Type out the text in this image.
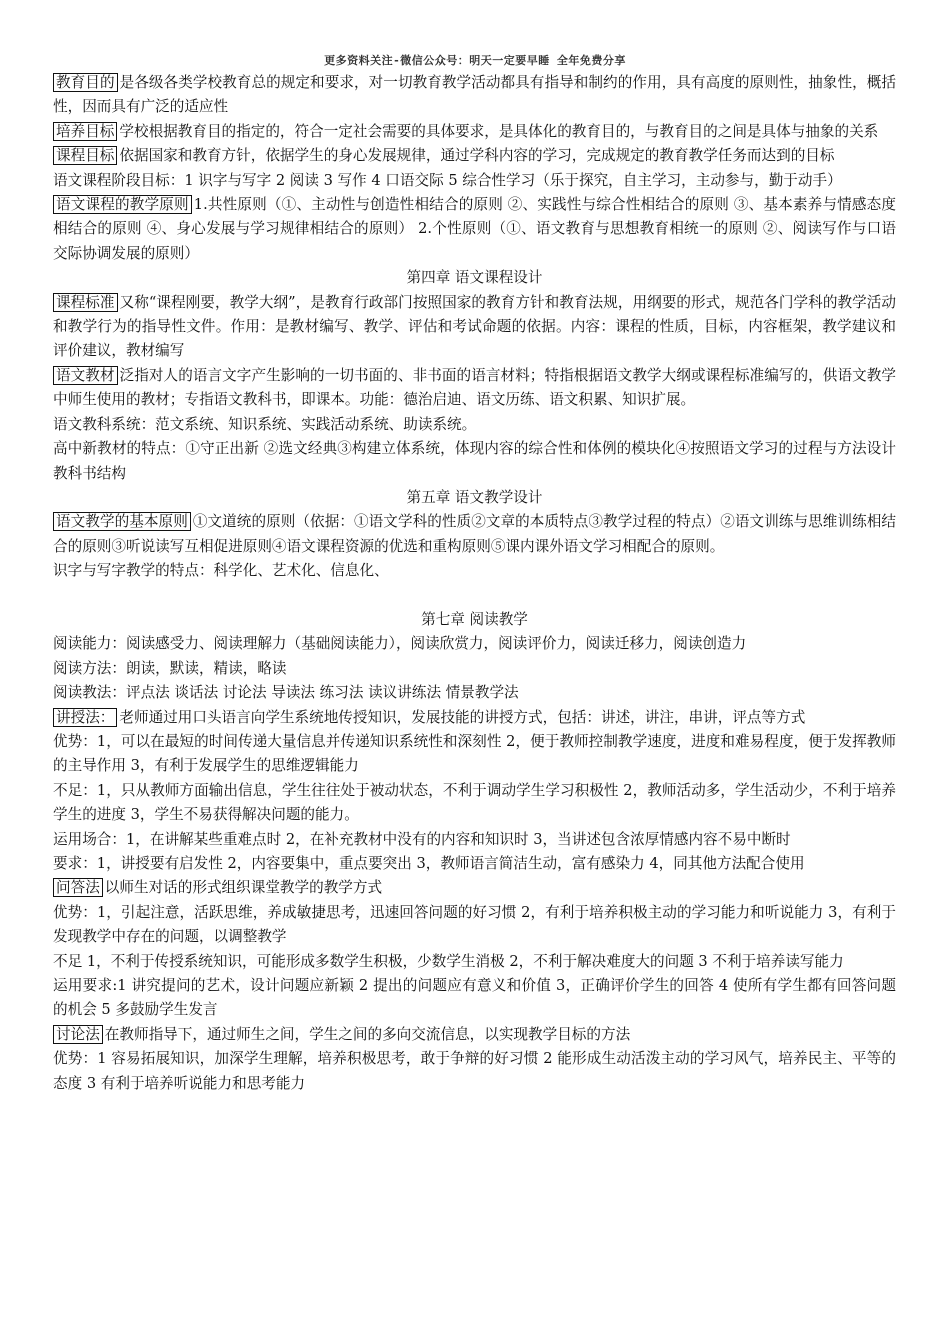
更多资料关注-微信公众号：明天一定要早睡 全年免费分享

教育目的 是各级各类学校教育总的规定和要求，对一切教育教学活动都具有指导和制约的作用，具有高度的原则性，抽象性，概括性，因而具有广泛的适应性

培养目标 学校根据教育目的指定的，符合一定社会需要的具体要求，是具体化的教育目的，与教育目的之间是具体与抽象的关系

课程目标 依据国家和教育方针，依据学生的身心发展规律，通过学科内容的学习，完成规定的教育教学任务而达到的目标

语文课程阶段目标：1 识字与写字 2 阅读 3 写作 4 口语交际 5 综合性学习（乐于探究，自主学习，主动参与，勤于动手）

语文课程的教学原则 1.共性原则（①、主动性与创造性相结合的原则 ②、实践性与综合性相结合的原则 ③、基本素养与情感态度相结合的原则 ④、身心发展与学习规律相结合的原则） 2.个性原则（①、语文教育与思想教育相统一的原则 ②、阅读写作与口语交际协调发展的原则）

第四章 语文课程设计

课程标准 又称“课程刚要，教学大纲”，是教育行政部门按照国家的教育方针和教育法规，用纲要的形式，规范各门学科的教学活动和教学行为的指导性文件。作用：是教材编写、教学、评估和考试命题的依据。内容：课程的性质，目标，内容框架，教学建议和评价建议，教材编写

语文教材 泛指对人的语言文字产生影响的一切书面的、非书面的语言材料；特指根据语文教学大纲或课程标准编写的，供语文教学中师生使用的教材；专指语文教科书，即课本。功能：德治启迪、语文历练、语文积累、知识扩展。

语文教科系统：范文系统、知识系统、实践活动系统、助读系统。

高中新教材的特点：①守正出新 ②选文经典③构建立体系统，体现内容的综合性和体例的模块化④按照语文学习的过程与方法设计教科书结构

第五章 语文教学设计

语文教学的基本原则 ①文道统的原则（依据：①语文学科的性质②文章的本质特点③教学过程的特点）②语文训练与思维训练相结合的原则③听说读写互相促进原则④语文课程资源的优选和重构原则⑤课内课外语文学习相配合的原则。

识字与写字教学的特点：科学化、艺术化、信息化、

第七章 阅读教学

阅读能力：阅读感受力、阅读理解力（基础阅读能力），阅读欣赏力，阅读评价力，阅读迁移力，阅读创造力

阅读方法：朗读，默读，精读，略读

阅读教法：评点法 谈话法 讨论法 导读法 练习法 读议讲练法 情景教学法

讲授法： 老师通过用口头语言向学生系统地传授知识，发展技能的讲授方式，包括：讲述，讲注，串讲，评点等方式

优势：1，可以在最短的时间传递大量信息并传递知识系统性和深刻性 2，便于教师控制教学速度，进度和难易程度，便于发挥教师的主导作用 3，有利于发展学生的思维逻辑能力

不足：1，只从教师方面输出信息，学生往往处于被动状态，不利于调动学生学习积极性 2，教师活动多，学生活动少，不利于培养学生的进度 3，学生不易获得解决问题的能力。

运用场合：1，在讲解某些重难点时 2，在补充教材中没有的内容和知识时 3，当讲述包含浓厚情感内容不易中断时

要求：1，讲授要有启发性 2，内容要集中，重点要突出 3，教师语言简洁生动，富有感染力 4，同其他方法配合使用

问答法 以师生对话的形式组织课堂教学的教学方式

优势：1，引起注意，活跃思维，养成敏捷思考，迅速回答问题的好习惯 2，有利于培养积极主动的学习能力和听说能力 3，有利于发现教学中存在的问题，以调整教学

不足 1，不利于传授系统知识，可能形成多数学生积极，少数学生消极 2，不利于解决难度大的问题 3 不利于培养读写能力

运用要求:1 讲究提问的艺术，设计问题应新颖 2 提出的问题应有意义和价值 3，正确评价学生的回答 4 使所有学生都有回答问题的机会 5 多鼓励学生发言

讨论法 在教师指导下，通过师生之间，学生之间的多向交流信息，以实现教学目标的方法

优势：1 容易拓展知识，加深学生理解，培养积极思考，敢于争辩的好习惯 2 能形成生动活泼主动的学习风气，培养民主、平等的态度 3 有利于培养听说能力和思考能力
